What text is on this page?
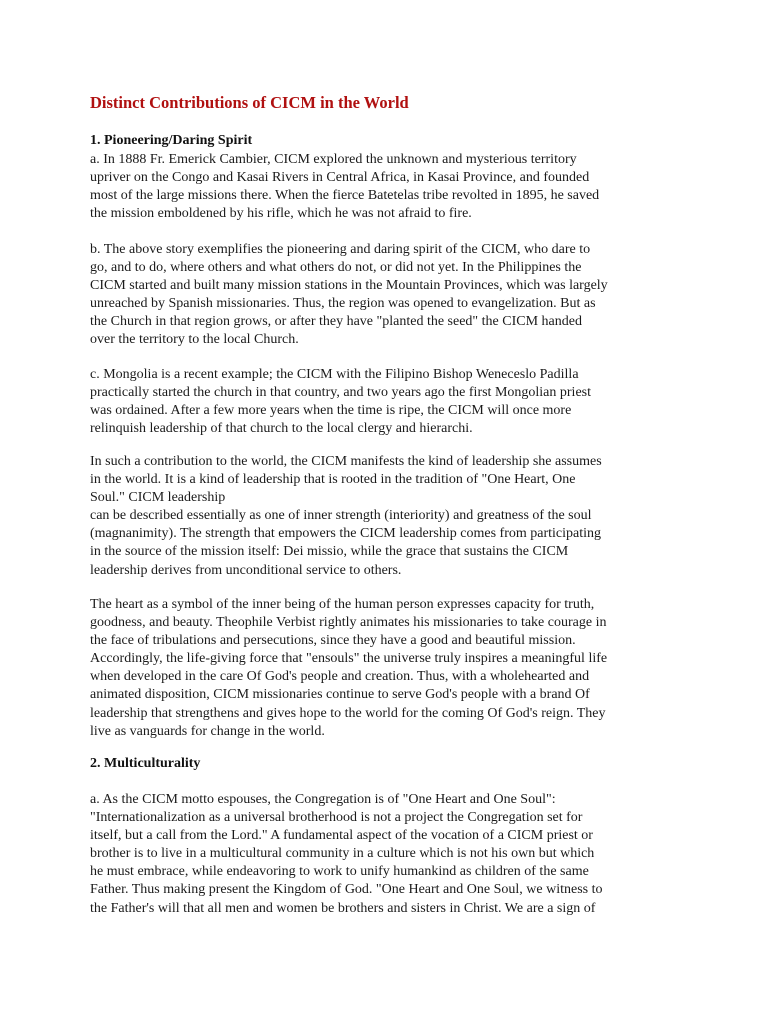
Distinct Contributions of CICM in the World
1. Pioneering/Daring Spirit

a. In 1888 Fr. Emerick Cambier, CICM explored the unknown and mysterious territory
upriver on the Congo and Kasai Rivers in Central Africa, in Kasai Province, and founded
most of the large missions there. When the fierce Batetelas tribe revolted in 1895, he saved
the mission emboldened by his rifle, which he was not afraid to fire.

b. The above story exemplifies the pioneering and daring spirit of the CICM, who dare to
go, and to do, where others and what others do not, or did not yet. In the Philippines the
CICM started and built many mission stations in the Mountain Provinces, which was largely
unreached by Spanish missionaries. Thus, the region was opened to evangelization. But as
the Church in that region grows, or after they have "planted the seed" the CICM handed
over the territory to the local Church.

c. Mongolia is a recent example; the CICM with the Filipino Bishop Weneceslo Padilla
practically started the church in that country, and two years ago the first Mongolian priest
was ordained. After a few more years when the time is ripe, the CICM will once more
relinquish leadership of that church to the local clergy and hierarchi.

In such a contribution to the world, the CICM manifests the kind of leadership she assumes
in the world. It is a kind of leadership that is rooted in the tradition of "One Heart, One
Soul." CICM leadership
can be described essentially as one of inner strength (interiority) and greatness of the soul
(magnanimity). The strength that empowers the CICM leadership comes from participating
in the source of the mission itself: Dei missio, while the grace that sustains the CICM
leadership derives from unconditional service to others.

The heart as a symbol of the inner being of the human person expresses capacity for truth,
goodness, and beauty. Theophile Verbist rightly animates his missionaries to take courage in
the face of tribulations and persecutions, since they have a good and beautiful mission.
Accordingly, the life-giving force that "ensouls" the universe truly inspires a meaningful life
when developed in the care Of God's people and creation. Thus, with a wholehearted and
animated disposition, CICM missionaries continue to serve God's people with a brand Of
leadership that strengthens and gives hope to the world for the coming Of God's reign. They
live as vanguards for change in the world.

2. Multiculturality

a. As the CICM motto espouses, the Congregation is of "One Heart and One Soul":
"Internationalization as a universal brotherhood is not a project the Congregation set for
itself, but a call from the Lord." A fundamental aspect of the vocation of a CICM priest or
brother is to live in a multicultural community in a culture which is not his own but which
he must embrace, while endeavoring to work to unify humankind as children of the same
Father. Thus making present the Kingdom of God. "One Heart and One Soul, we witness to
the Father's will that all men and women be brothers and sisters in Christ. We are a sign of
